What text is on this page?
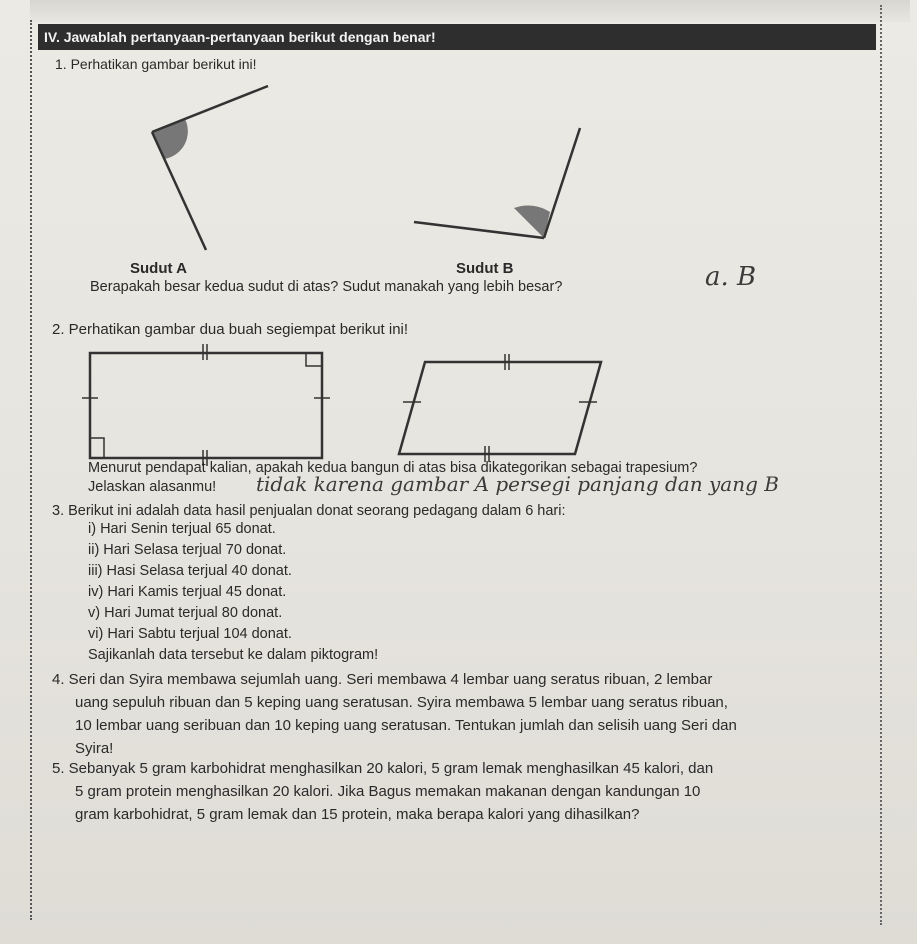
IV. Jawablah pertanyaan-pertanyaan berikut dengan benar!
1. Perhatikan gambar berikut ini!
Sudut A	Sudut B
Berapakah besar kedua sudut di atas? Sudut manakah yang lebih besar?	a. B
2. Perhatikan gambar dua buah segiempat berikut ini!
Menurut pendapat kalian, apakah kedua bangun di atas bisa dikategorikan sebagai trapesium?
Jelaskan alasanmu! tidak karena gambar A persegi panjang dan yang B
3. Berikut ini adalah data hasil penjualan donat seorang pedagang dalam 6 hari:
i) Hari Senin terjual 65 donat.
ii) Hari Selasa terjual 70 donat.
iii) Hasi Selasa terjual 40 donat.
iv) Hari Kamis terjual 45 donat.
v) Hari Jumat terjual 80 donat.
vi) Hari Sabtu terjual 104 donat.
Sajikanlah data tersebut ke dalam piktogram!
4. Seri dan Syira membawa sejumlah uang. Seri membawa 4 lembar uang seratus ribuan, 2 lembar
uang sepuluh ribuan dan 5 keping uang seratusan. Syira membawa 5 lembar uang seratus ribuan,
10 lembar uang seribuan dan 10 keping uang seratusan. Tentukan jumlah dan selisih uang Seri dan
Syira!
5. Sebanyak 5 gram karbohidrat menghasilkan 20 kalori, 5 gram lemak menghasilkan 45 kalori, dan
5 gram protein menghasilkan 20 kalori. Jika Bagus memakan makanan dengan kandungan 10
gram karbohidrat, 5 gram lemak dan 15 protein, maka berapa kalori yang dihasilkan?
